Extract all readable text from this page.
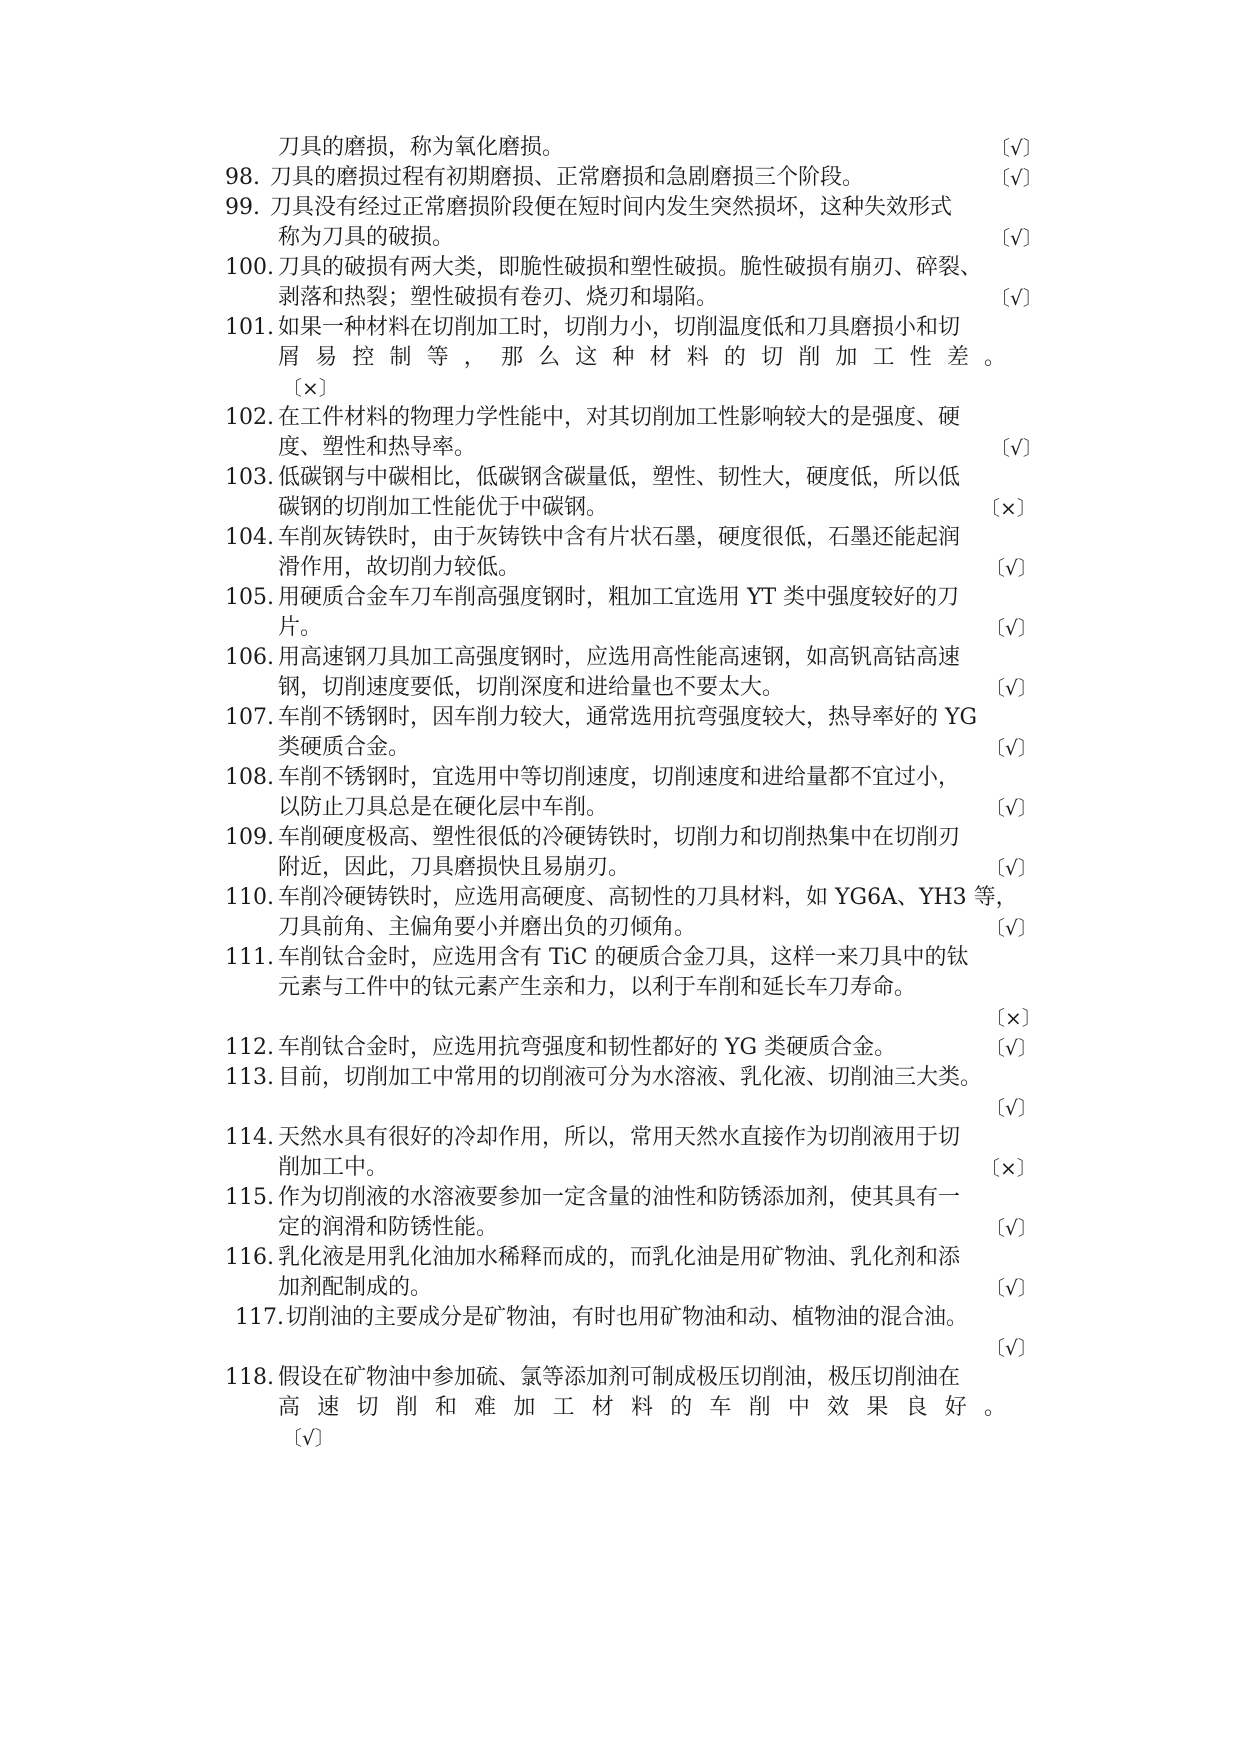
刀具的磨损，称为氧化磨损。	〔√〕
98. 刀具的磨损过程有初期磨损、正常磨损和急剧磨损三个阶段。	〔√〕
99. 刀具没有经过正常磨损阶段便在短时间内发生突然损坏，这种失效形式
称为刀具的破损。	〔√〕
100. 刀具的破损有两大类，即脆性破损和塑性破损。脆性破损有崩刃、碎裂、
剥落和热裂；塑性破损有卷刃、烧刃和塌陷。	〔√〕
101. 如果一种材料在切削加工时，切削力小，切削温度低和刀具磨损小和切
屑易控制等，那么这种材料的切削加工性差。
〔×〕
102. 在工件材料的物理力学性能中，对其切削加工性影响较大的是强度、硬
度、塑性和热导率。	〔√〕
103. 低碳钢与中碳相比，低碳钢含碳量低，塑性、韧性大，硬度低，所以低
碳钢的切削加工性能优于中碳钢。	〔×〕
104. 车削灰铸铁时，由于灰铸铁中含有片状石墨，硬度很低，石墨还能起润
滑作用，故切削力较低。	〔√〕
105. 用硬质合金车刀车削高强度钢时，粗加工宜选用 YT 类中强度较好的刀
片。	〔√〕
106. 用高速钢刀具加工高强度钢时，应选用高性能高速钢，如高钒高钴高速
钢，切削速度要低，切削深度和进给量也不要太大。	〔√〕
107. 车削不锈钢时，因车削力较大，通常选用抗弯强度较大，热导率好的 YG
类硬质合金。	〔√〕
108. 车削不锈钢时，宜选用中等切削速度，切削速度和进给量都不宜过小，
以防止刀具总是在硬化层中车削。	〔√〕
109. 车削硬度极高、塑性很低的冷硬铸铁时，切削力和切削热集中在切削刃
附近，因此，刀具磨损快且易崩刃。	〔√〕
110. 车削冷硬铸铁时，应选用高硬度、高韧性的刀具材料，如 YG6A、YH3 等，
刀具前角、主偏角要小并磨出负的刃倾角。	〔√〕
111. 车削钛合金时，应选用含有 TiC 的硬质合金刀具，这样一来刀具中的钛
元素与工件中的钛元素产生亲和力，以利于车削和延长车刀寿命。
〔×〕
112. 车削钛合金时，应选用抗弯强度和韧性都好的 YG 类硬质合金。	〔√〕
113. 目前，切削加工中常用的切削液可分为水溶液、乳化液、切削油三大类。
〔√〕
114. 天然水具有很好的冷却作用，所以，常用天然水直接作为切削液用于切
削加工中。	〔×〕
115. 作为切削液的水溶液要参加一定含量的油性和防锈添加剂，使其具有一
定的润滑和防锈性能。	〔√〕
116. 乳化液是用乳化油加水稀释而成的，而乳化油是用矿物油、乳化剂和添
加剂配制成的。	〔√〕
117. 切削油的主要成分是矿物油，有时也用矿物油和动、植物油的混合油。
〔√〕
118. 假设在矿物油中参加硫、氯等添加剂可制成极压切削油，极压切削油在
高速切削和难加工材料的车削中效果良好。
〔√〕
